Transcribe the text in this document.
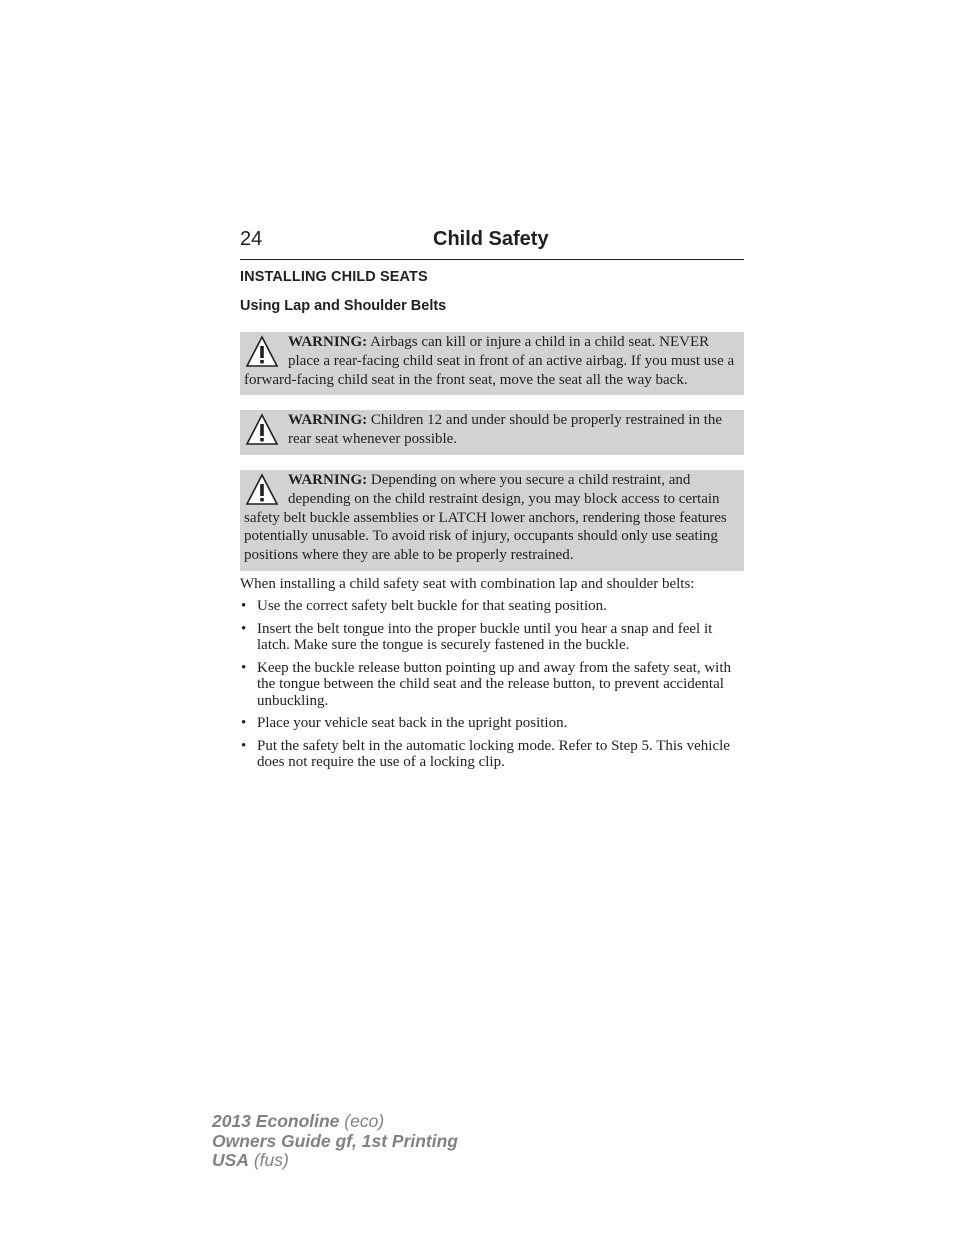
24	Child Safety
INSTALLING CHILD SEATS
Using Lap and Shoulder Belts
WARNING: Airbags can kill or injure a child in a child seat. NEVER place a rear-facing child seat in front of an active airbag. If you must use a forward-facing child seat in the front seat, move the seat all the way back.
WARNING: Children 12 and under should be properly restrained in the rear seat whenever possible.
WARNING: Depending on where you secure a child restraint, and depending on the child restraint design, you may block access to certain safety belt buckle assemblies or LATCH lower anchors, rendering those features potentially unusable. To avoid risk of injury, occupants should only use seating positions where they are able to be properly restrained.
When installing a child safety seat with combination lap and shoulder belts:
• Use the correct safety belt buckle for that seating position.
• Insert the belt tongue into the proper buckle until you hear a snap and feel it latch. Make sure the tongue is securely fastened in the buckle.
• Keep the buckle release button pointing up and away from the safety seat, with the tongue between the child seat and the release button, to prevent accidental unbuckling.
• Place your vehicle seat back in the upright position.
• Put the safety belt in the automatic locking mode. Refer to Step 5. This vehicle does not require the use of a locking clip.
2013 Econoline (eco)
Owners Guide gf, 1st Printing
USA (fus)
